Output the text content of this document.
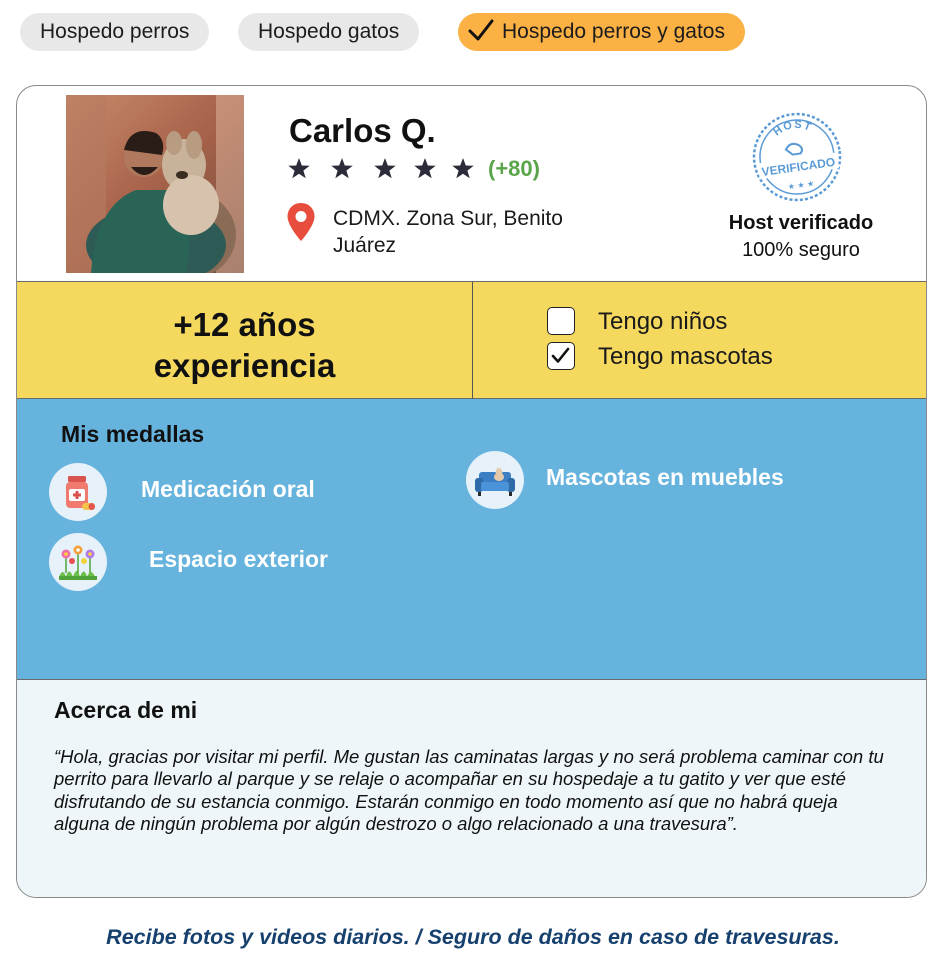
Hospedo perros	Hospedo gatos	Hospedo perros y gatos
Carlos Q.
(+80)
CDMX. Zona Sur, Benito Juárez
HOST
VERIFICADO
★ ★ ★
Host verificado
100% seguro
+12 años
experiencia
Tengo niños
Tengo mascotas
Mis medallas
Medicación oral	Mascotas en muebles
Espacio exterior
Acerca de mi
“Hola, gracias por visitar mi perfil. Me gustan las caminatas largas y no será problema caminar con tu perrito para llevarlo al parque y se relaje o acompañar en su hospedaje a tu gatito y ver que esté disfrutando de su estancia conmigo. Estarán conmigo en todo momento así que no habrá queja alguna de ningún problema por algún destrozo o algo relacionado a una travesura”.
Recibe fotos y videos diarios. / Seguro de daños en caso de travesuras.
